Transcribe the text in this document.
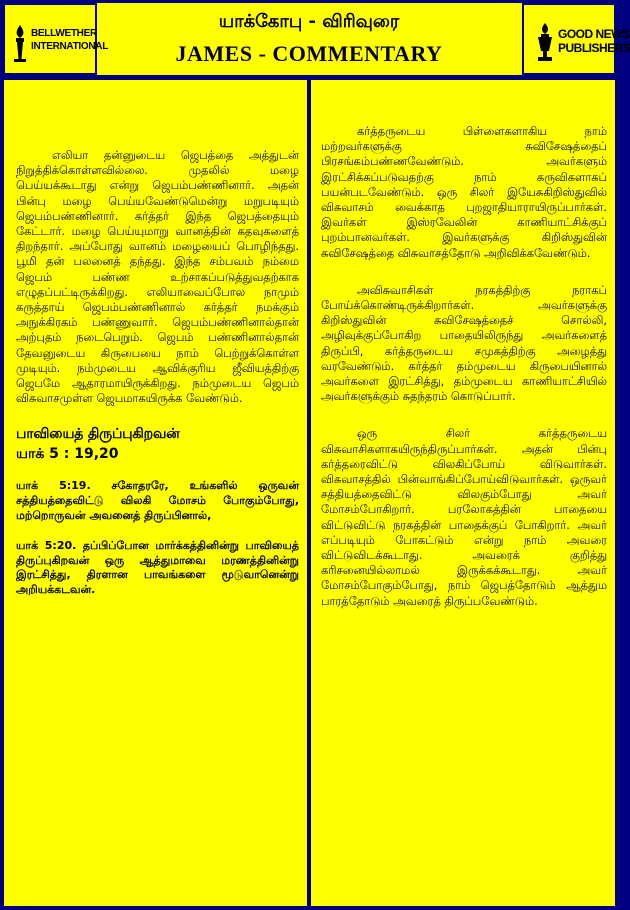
BELLWETHER
INTERNATIONAL
யாக்கோபு - விரிவுரை
JAMES - COMMENTARY
GOOD NEWS
PUBLISHERS

எலியா தன்னுடைய ஜெபத்தை அத்துடன் நிறுத்திக்கொள்ளவில்லை. முதலில் மழை பெய்யக்கூடாது என்று ஜெபம்பண்ணினார். அதன் பின்பு மழை பெய்யவேண்டுமென்று மறுபடியும் ஜெபம்பண்ணினார். கர்த்தர் இந்த ஜெபத்தையும் கேட்டார். மழை பெய்யுமாறு வானத்தின் கதவுகளைத் திறந்தார். அப்போது வானம் மழையைப் பொழிந்தது. பூமி தன் பலனைத் தந்தது. இந்த சம்பவம் நம்மை ஜெபம் பண்ண உற்சாகப்படுத்துவதற்காக எழுதப்பட்டிருக்கிறது. எலியாவைப்போல நாமும் கருத்தாய் ஜெபம்பண்ணினால் கர்த்தர் நமக்கும் அநுக்கிரகம் பண்ணுவார். ஜெபம்பண்ணினால்தான் அற்புதம் நடைபெறும். ஜெபம் பண்ணினால்தான் தேவனுடைய கிருபையை நாம் பெற்றுக்கொள்ள முடியும். நம்முடைய ஆவிக்குரிய ஜீவியத்திற்கு ஜெபமே ஆதாரமாயிருக்கிறது. நம்முடைய ஜெபம் விசுவாசமுள்ள ஜெபமாகயிருக்க வேண்டும்.

பாவியைத் திருப்புகிறவன்

யாக் 5 : 19,20

யாக் 5:19. சகோதரரே, உங்களில் ஒருவன் சத்தியத்தைவிட்டு விலகி மோசம் போகும்போது, மற்றொருவன் அவனைத் திருப்பினால்,

யாக் 5:20. தப்பிப்போன மார்க்கத்தினின்று பாவியைத் திருப்புகிறவன் ஒரு ஆத்துமாவை மரணத்தினின்று இரட்சித்து, திரளான பாவங்களை மூடுவானென்று அறியக்கடவன்.

கர்த்தருடைய பிள்ளைகளாகிய நாம் மற்றவர்களுக்கு சுவிசேஷத்தைப் பிரசங்கம்பண்ணவேண்டும். அவர்களும் இரட்சிக்கப்படுவதற்கு நாம் கருவிகளாகப் பயன்படவேண்டும். ஒரு சிலர் இயேசுகிறிஸ்துவில் விசுவாசம் வைக்காத புறஜாதியாராயிருப்பார்கள். இவர்கள் இஸ்ரவேலின் காணியாட்சிக்குப் புறம்பானவர்கள். இவர்களுக்கு கிறிஸ்துவின் சுவிசேஷத்தை விசுவாசத்தோடு அறிவிக்கவேண்டும்.

அவிசுவாசிகள் நரகத்திற்கு நராகப் போய்க்கொண்டிருக்கிறார்கள். அவர்களுக்கு கிறிஸ்துவின் சுவிசேஷத்தைச் சொல்லி, அழிவுக்குப்போகிற பாதையிலிருந்து அவர்களைத் திருப்பி, கர்த்தருடைய சமுகத்திற்கு அழைத்து வரவேண்டும். கர்த்தர் தம்முடைய கிருபையினால் அவர்களை இரட்சித்து, தம்முடைய காணியாட்சியில் அவர்களுக்கும் சுதந்தரம் கொடுப்பார்.

ஒரு சிலர் கர்த்தருடைய விசுவாசிகளாகயிருந்திருப்பார்கள். அதன் பின்பு கர்த்தரைவிட்டு விலகிப்போய் விடுவார்கள். விசுவாசத்தில் பின்வாங்கிப்போய்விடுவார்கள். ஒருவர் சத்தியத்தைவிட்டு விலகும்போது அவர் மோசம்போகிறார். பரலோகத்தின் பாதையை விட்டுவிட்டு நரகத்தின் பாதைக்குப் போகிறார். அவர் எப்படியும் போகட்டும் என்று நாம் அவரை விட்டுவிடக்கூடாது. அவரைக் குறித்து கரிசனையில்லாமல் இருக்கக்கூடாது. அவர் மோசம்போகும்போது, நாம் ஜெபத்தோடும் ஆத்தும பாரத்தோடும் அவரைத் திருப்பவேண்டும்.
